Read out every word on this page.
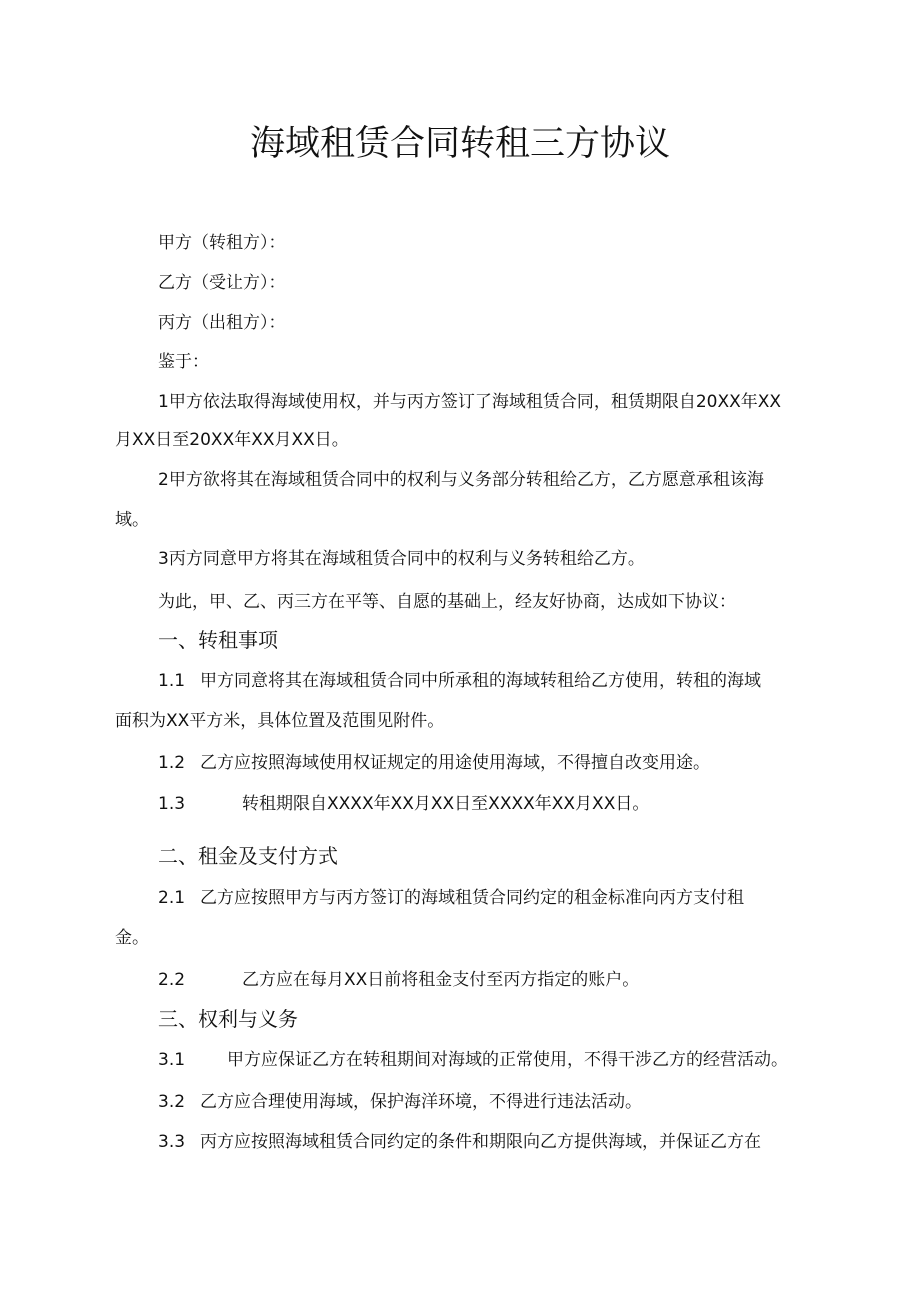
海域租赁合同转租三方协议

甲方（转租方）：

乙方（受让方）：

丙方（出租方）：

鉴于：

1甲方依法取得海域使用权，并与丙方签订了海域租赁合同，租赁期限自20XX年XX

月XX日至20XX年XX月XX日。

2甲方欲将其在海域租赁合同中的权利与义务部分转租给乙方，乙方愿意承租该海

域。

3丙方同意甲方将其在海域租赁合同中的权利与义务转租给乙方。

为此，甲、乙、丙三方在平等、自愿的基础上，经友好协商，达成如下协议：

一、转租事项

1.1 甲方同意将其在海域租赁合同中所承租的海域转租给乙方使用，转租的海域

面积为XX平方米，具体位置及范围见附件。

1.2 乙方应按照海域使用权证规定的用途使用海域，不得擅自改变用途。

1.3	转租期限自XXXX年XX月XX日至XXXX年XX月XX日。

二、租金及支付方式

2.1 乙方应按照甲方与丙方签订的海域租赁合同约定的租金标准向丙方支付租

金。

2.2	乙方应在每月XX日前将租金支付至丙方指定的账户。

三、权利与义务

3.1 甲方应保证乙方在转租期间对海域的正常使用，不得干涉乙方的经营活动。

3.2 乙方应合理使用海域，保护海洋环境，不得进行违法活动。

3.3 丙方应按照海域租赁合同约定的条件和期限向乙方提供海域，并保证乙方在
